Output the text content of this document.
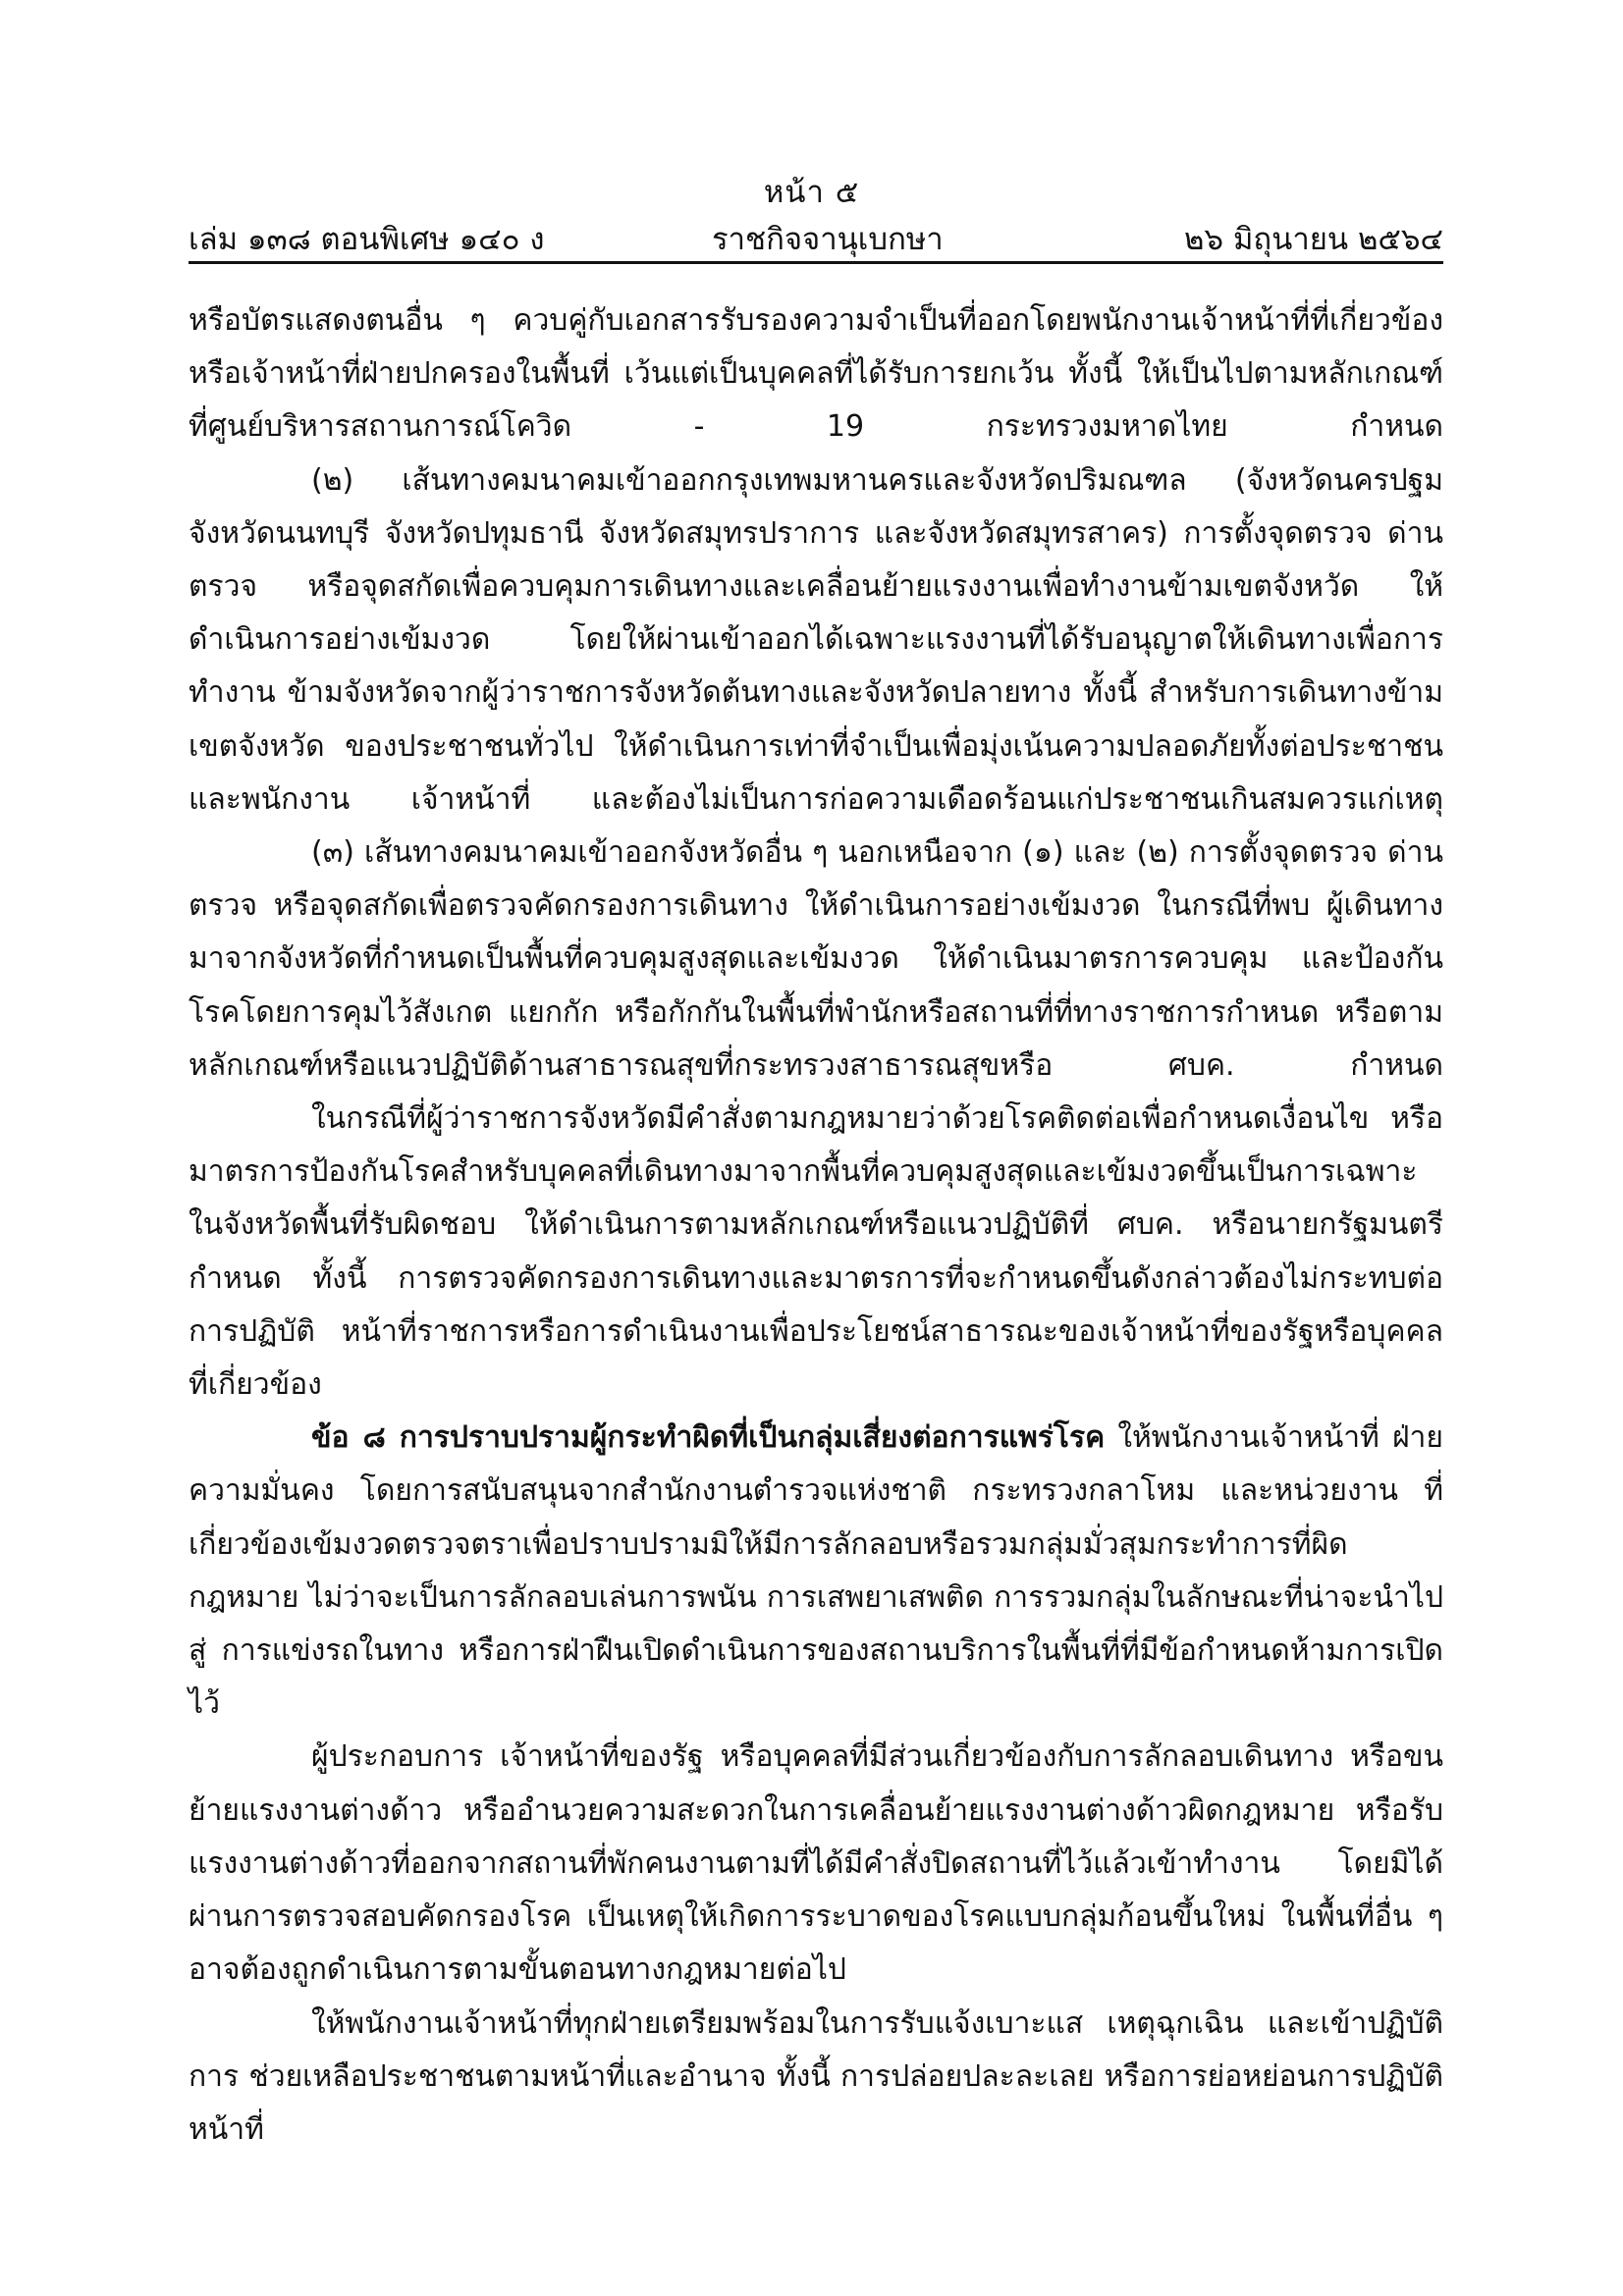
หน้า ๕
เล่ม ๑๓๘ ตอนพิเศษ ๑๔๐ ง	ราชกิจจานุเบกษา	๒๖ มิถุนายน ๒๕๖๔

หรือบัตรแสดงตนอื่น ๆ ควบคู่กับเอกสารรับรองความจำเป็นที่ออกโดยพนักงานเจ้าหน้าที่ที่เกี่ยวข้อง หรือเจ้าหน้าที่ฝ่ายปกครองในพื้นที่ เว้นแต่เป็นบุคคลที่ได้รับการยกเว้น ทั้งนี้ ให้เป็นไปตามหลักเกณฑ์ที่ศูนย์บริหารสถานการณ์โควิด - 19 กระทรวงมหาดไทย กำหนด

(๒) เส้นทางคมนาคมเข้าออกกรุงเทพมหานครและจังหวัดปริมณฑล (จังหวัดนครปฐม จังหวัดนนทบุรี จังหวัดปทุมธานี จังหวัดสมุทรปราการ และจังหวัดสมุทรสาคร) การตั้งจุดตรวจ ด่านตรวจ หรือจุดสกัดเพื่อควบคุมการเดินทางและเคลื่อนย้ายแรงงานเพื่อทำงานข้ามเขตจังหวัด ให้ดำเนินการอย่างเข้มงวด โดยให้ผ่านเข้าออกได้เฉพาะแรงงานที่ได้รับอนุญาตให้เดินทางเพื่อการทำงาน ข้ามจังหวัดจากผู้ว่าราชการจังหวัดต้นทางและจังหวัดปลายทาง ทั้งนี้ สำหรับการเดินทางข้ามเขตจังหวัด ของประชาชนทั่วไป ให้ดำเนินการเท่าที่จำเป็นเพื่อมุ่งเน้นความปลอดภัยทั้งต่อประชาชนและพนักงาน เจ้าหน้าที่ และต้องไม่เป็นการก่อความเดือดร้อนแก่ประชาชนเกินสมควรแก่เหตุ

(๓) เส้นทางคมนาคมเข้าออกจังหวัดอื่น ๆ นอกเหนือจาก (๑) และ (๒) การตั้งจุดตรวจ ด่านตรวจ หรือจุดสกัดเพื่อตรวจคัดกรองการเดินทาง ให้ดำเนินการอย่างเข้มงวด ในกรณีที่พบ ผู้เดินทางมาจากจังหวัดที่กำหนดเป็นพื้นที่ควบคุมสูงสุดและเข้มงวด ให้ดำเนินมาตรการควบคุม และป้องกันโรคโดยการคุมไว้สังเกต แยกกัก หรือกักกันในพื้นที่พำนักหรือสถานที่ที่ทางราชการกำหนด หรือตามหลักเกณฑ์หรือแนวปฏิบัติด้านสาธารณสุขที่กระทรวงสาธารณสุขหรือ ศบค. กำหนด

ในกรณีที่ผู้ว่าราชการจังหวัดมีคำสั่งตามกฎหมายว่าด้วยโรคติดต่อเพื่อกำหนดเงื่อนไข หรือมาตรการป้องกันโรคสำหรับบุคคลที่เดินทางมาจากพื้นที่ควบคุมสูงสุดและเข้มงวดขึ้นเป็นการเฉพาะ ในจังหวัดพื้นที่รับผิดชอบ ให้ดำเนินการตามหลักเกณฑ์หรือแนวปฏิบัติที่ ศบค. หรือนายกรัฐมนตรีกำหนด ทั้งนี้ การตรวจคัดกรองการเดินทางและมาตรการที่จะกำหนดขึ้นดังกล่าวต้องไม่กระทบต่อการปฏิบัติ หน้าที่ราชการหรือการดำเนินงานเพื่อประโยชน์สาธารณะของเจ้าหน้าที่ของรัฐหรือบุคคลที่เกี่ยวข้อง

ข้อ ๘ การปราบปรามผู้กระทำผิดที่เป็นกลุ่มเสี่ยงต่อการแพร่โรค ให้พนักงานเจ้าหน้าที่ ฝ่ายความมั่นคง โดยการสนับสนุนจากสำนักงานตำรวจแห่งชาติ กระทรวงกลาโหม และหน่วยงาน ที่เกี่ยวข้องเข้มงวดตรวจตราเพื่อปราบปรามมิให้มีการลักลอบหรือรวมกลุ่มมั่วสุมกระทำการที่ผิดกฎหมาย ไม่ว่าจะเป็นการลักลอบเล่นการพนัน การเสพยาเสพติด การรวมกลุ่มในลักษณะที่น่าจะนำไปสู่ การแข่งรถในทาง หรือการฝ่าฝืนเปิดดำเนินการของสถานบริการในพื้นที่ที่มีข้อกำหนดห้ามการเปิดไว้

ผู้ประกอบการ เจ้าหน้าที่ของรัฐ หรือบุคคลที่มีส่วนเกี่ยวข้องกับการลักลอบเดินทาง หรือขนย้ายแรงงานต่างด้าว หรืออำนวยความสะดวกในการเคลื่อนย้ายแรงงานต่างด้าวผิดกฎหมาย หรือรับแรงงานต่างด้าวที่ออกจากสถานที่พักคนงานตามที่ได้มีคำสั่งปิดสถานที่ไว้แล้วเข้าทำงาน โดยมิได้ผ่านการตรวจสอบคัดกรองโรค เป็นเหตุให้เกิดการระบาดของโรคแบบกลุ่มก้อนขึ้นใหม่ ในพื้นที่อื่น ๆ อาจต้องถูกดำเนินการตามขั้นตอนทางกฎหมายต่อไป

ให้พนักงานเจ้าหน้าที่ทุกฝ่ายเตรียมพร้อมในการรับแจ้งเบาะแส เหตุฉุกเฉิน และเข้าปฏิบัติการ ช่วยเหลือประชาชนตามหน้าที่และอำนาจ ทั้งนี้ การปล่อยปละละเลย หรือการย่อหย่อนการปฏิบัติหน้าที่
